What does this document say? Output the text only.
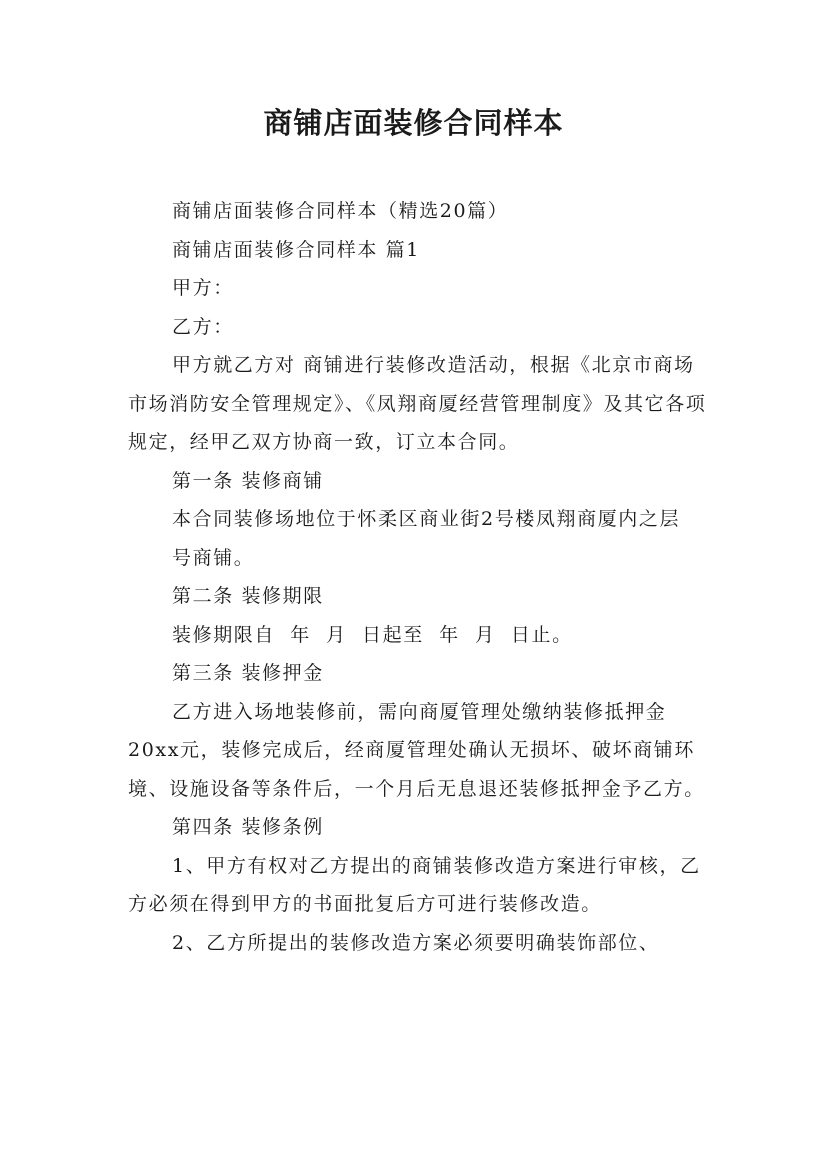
商铺店面装修合同样本

商铺店面装修合同样本（精选20篇）

商铺店面装修合同样本 篇1

甲方：

乙方：

甲方就乙方对 商铺进行装修改造活动，根据《北京市商场市场消防安全管理规定》、《凤翔商厦经营管理制度》及其它各项规定，经甲乙双方协商一致，订立本合同。

第一条 装修商铺

本合同装修场地位于怀柔区商业街2号楼凤翔商厦内之层

号商铺。

第二条 装修期限

装修期限自  年  月  日起至  年  月  日止。

第三条 装修押金

乙方进入场地装修前，需向商厦管理处缴纳装修抵押金20xx元，装修完成后，经商厦管理处确认无损坏、破坏商铺环境、设施设备等条件后，一个月后无息退还装修抵押金予乙方。

第四条 装修条例

1、甲方有权对乙方提出的商铺装修改造方案进行审核，乙方必须在得到甲方的书面批复后方可进行装修改造。

2、乙方所提出的装修改造方案必须要明确装饰部位、
